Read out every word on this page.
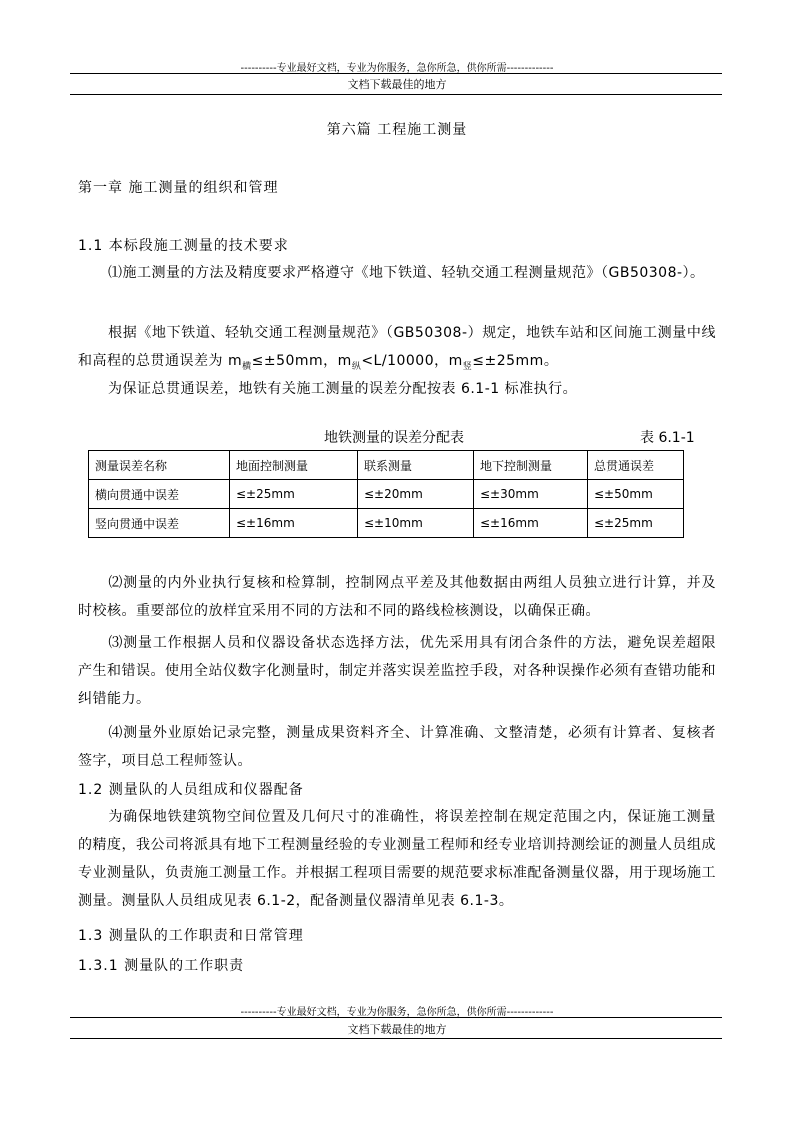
----------专业最好文档，专业为你服务，急你所急，供你所需-------------
文档下载最佳的地方
第六篇 工程施工测量
第一章 施工测量的组织和管理
1.1 本标段施工测量的技术要求
⑴施工测量的方法及精度要求严格遵守《地下铁道、轻轨交通工程测量规范》（GB50308-）。
根据《地下铁道、轻轨交通工程测量规范》（GB50308-）规定，地铁车站和区间施工测量中线和高程的总贯通误差为 $m_横\le\pm 50mm$，$m_纵<L/10000$，$m_竖\le\pm 25mm$。
为保证总贯通误差，地铁有关施工测量的误差分配按表 6.1-1 标准执行。
地铁测量的误差分配表	表 6.1-1
测量误差名称	地面控制测量	联系测量	地下控制测量	总贯通误差
横向贯通中误差	≤±25mm	≤±20mm	≤±30mm	≤±50mm
竖向贯通中误差	≤±16mm	≤±10mm	≤±16mm	≤±25mm
⑵测量的内外业执行复核和检算制，控制网点平差及其他数据由两组人员独立进行计算，并及时校核。重要部位的放样宜采用不同的方法和不同的路线检核测设，以确保正确。
⑶测量工作根据人员和仪器设备状态选择方法，优先采用具有闭合条件的方法，避免误差超限产生和错误。使用全站仪数字化测量时，制定并落实误差监控手段，对各种误操作必须有查错功能和纠错能力。
⑷测量外业原始记录完整，测量成果资料齐全、计算准确、文整清楚，必须有计算者、复核者签字，项目总工程师签认。
1.2 测量队的人员组成和仪器配备
为确保地铁建筑物空间位置及几何尺寸的准确性，将误差控制在规定范围之内，保证施工测量的精度，我公司将派具有地下工程测量经验的专业测量工程师和经专业培训持测绘证的测量人员组成专业测量队，负责施工测量工作。并根据工程项目需要的规范要求标准配备测量仪器，用于现场施工测量。测量队人员组成见表 6.1-2，配备测量仪器清单见表 6.1-3。
1.3 测量队的工作职责和日常管理
1.3.1 测量队的工作职责
----------专业最好文档，专业为你服务，急你所急，供你所需-------------
文档下载最佳的地方
